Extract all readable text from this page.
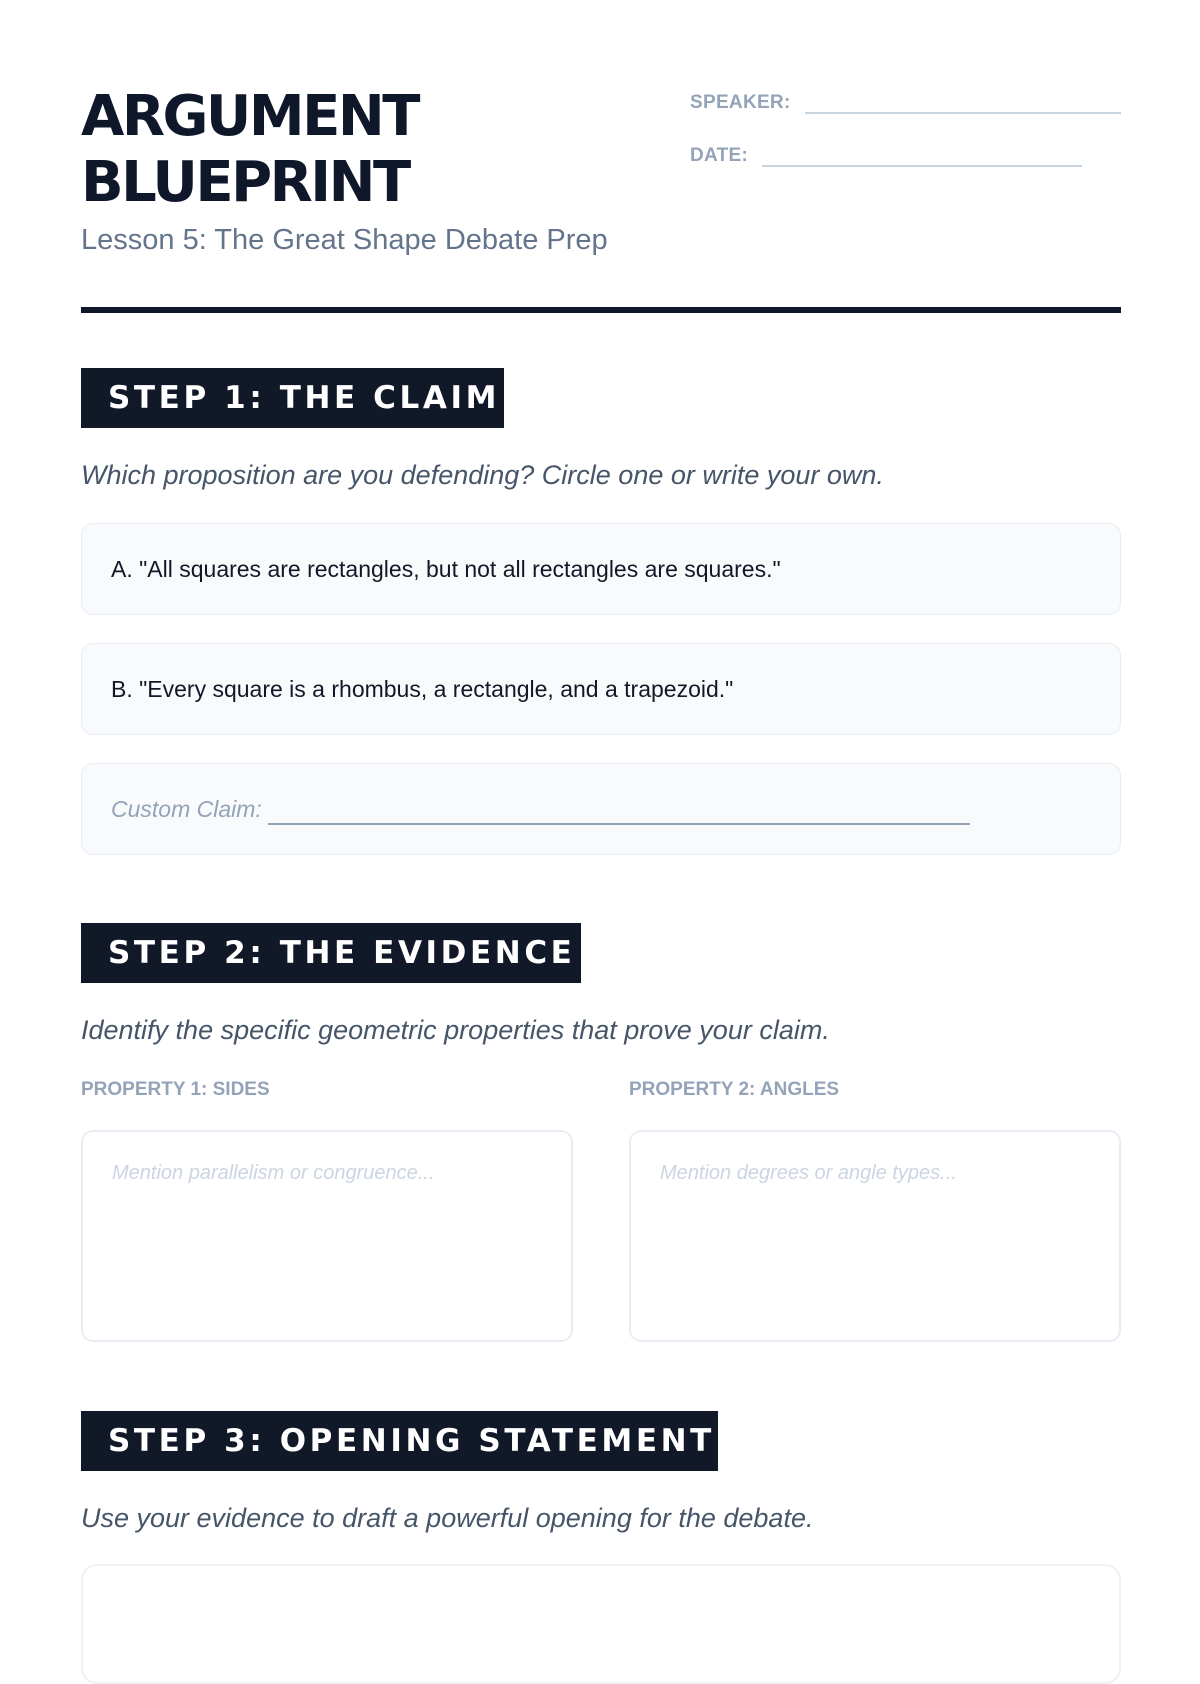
ARGUMENT
BLUEPRINT

Lesson 5: The Great Shape Debate Prep

SPEAKER:
DATE:
STEP 1: THE CLAIM

Which proposition are you defending? Circle one or write your own.

A. "All squares are rectangles, but not all rectangles are squares."
B. "Every square is a rhombus, a rectangle, and a trapezoid."
Custom Claim:
STEP 2: THE EVIDENCE

Identify the specific geometric properties that prove your claim.

PROPERTY 1: SIDES	PROPERTY 2: ANGLES

Mention parallelism or congruence...	Mention degrees or angle types...
STEP 3: OPENING STATEMENT

Use your evidence to draft a powerful opening for the debate.
